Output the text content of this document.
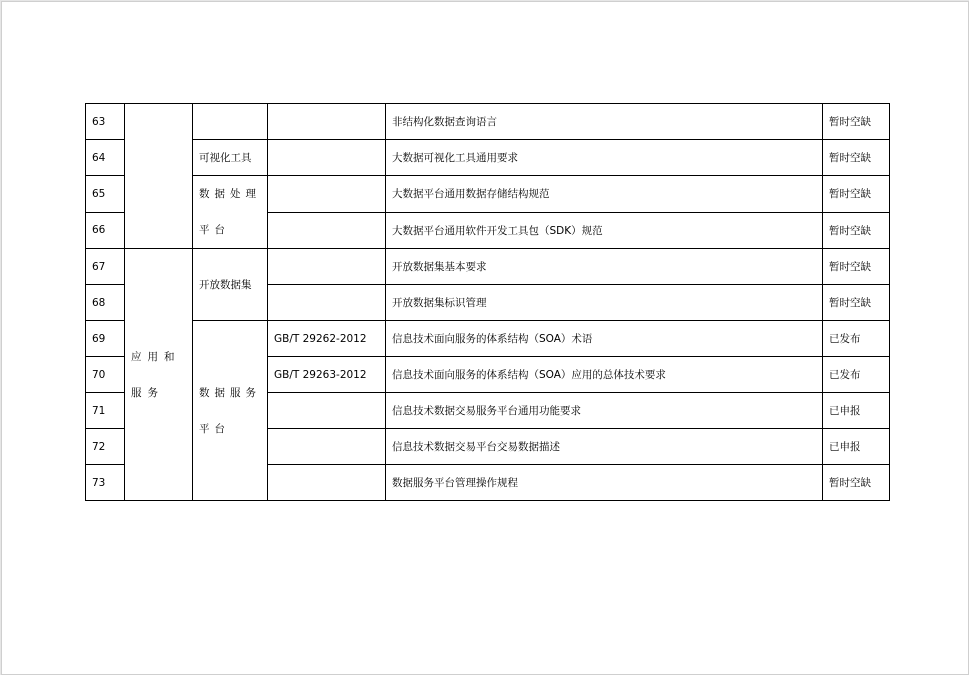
63				非结构化数据查询语言	暂时空缺
64		可视化工具		大数据可视化工具通用要求	暂时空缺
65		数据处理平台		大数据平台通用数据存储结构规范	暂时空缺
66				大数据平台通用软件开发工具包（SDK）规范	暂时空缺
67	应用和服务	开放数据集		开放数据集基本要求	暂时空缺
68				开放数据集标识管理	暂时空缺
69		数据服务平台	GB/T 29262-2012	信息技术面向服务的体系结构（SOA）术语	已发布
70			GB/T 29263-2012	信息技术面向服务的体系结构（SOA）应用的总体技术要求	已发布
71				信息技术数据交易服务平台通用功能要求	已申报
72				信息技术数据交易平台交易数据描述	已申报
73				数据服务平台管理操作规程	暂时空缺
